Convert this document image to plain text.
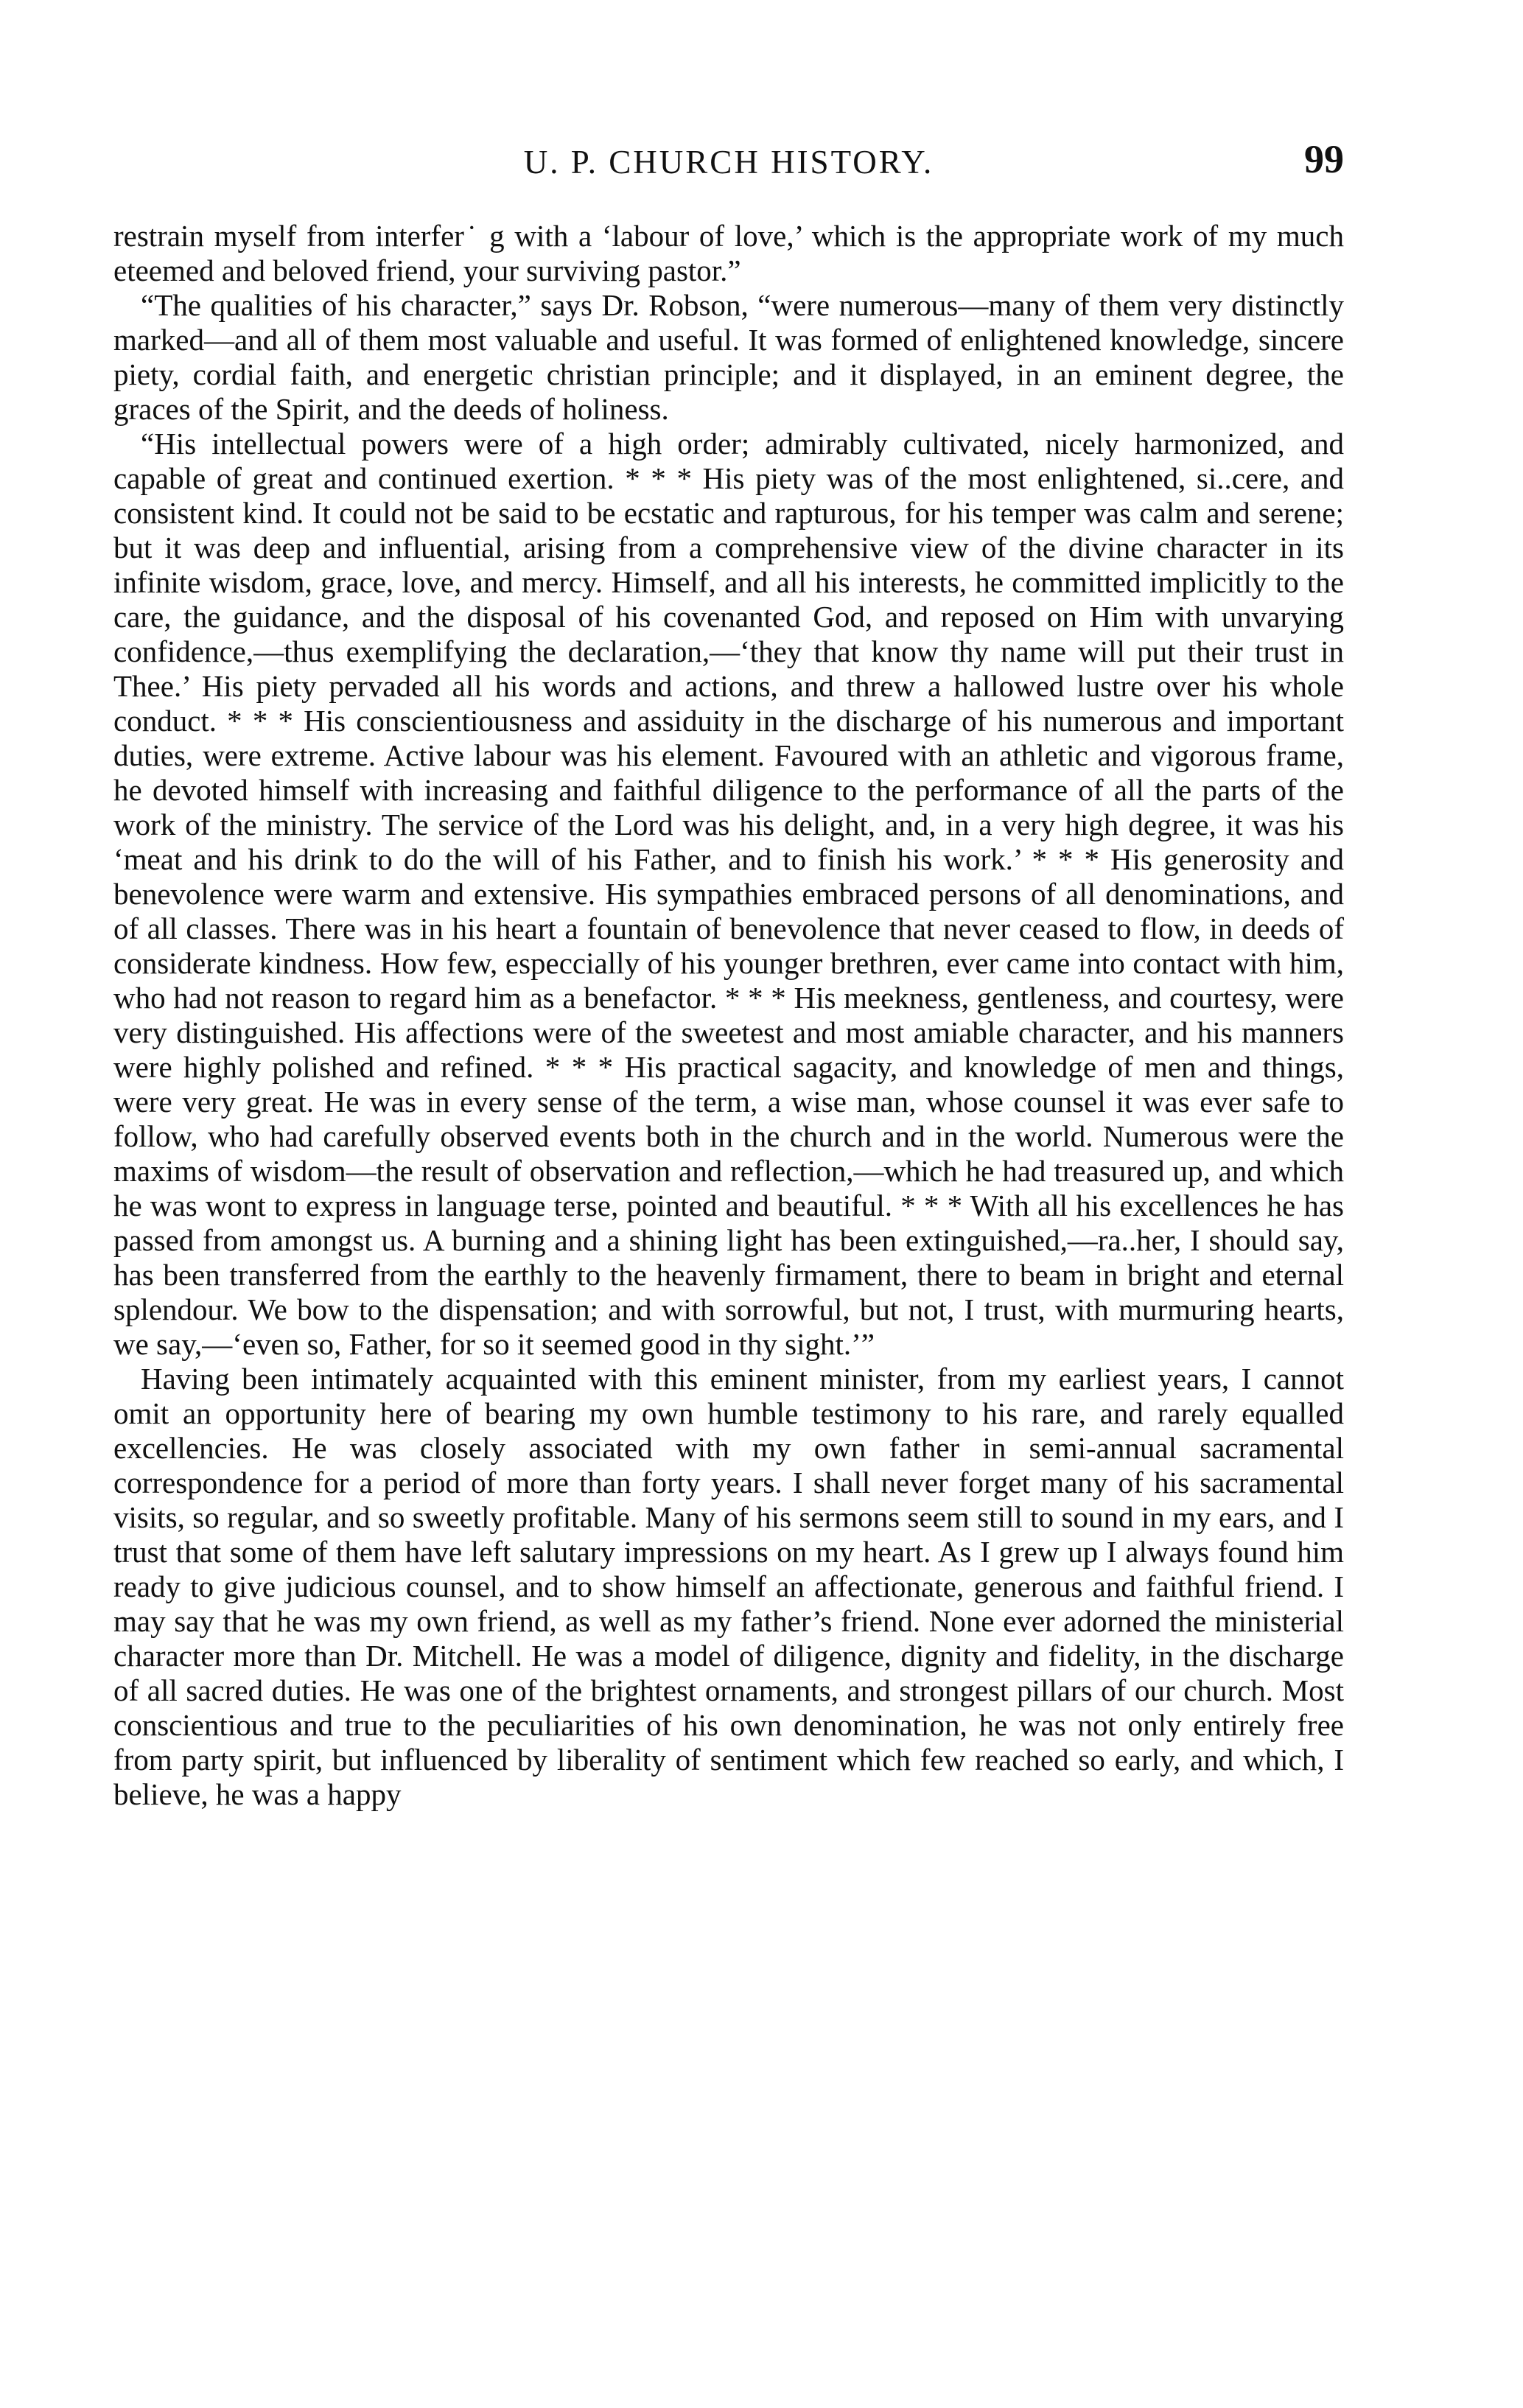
U. P. CHURCH HISTORY.	99

restrain myself from interfer˙ g with a ‘labour of love,’ which is the appropriate work of my much eteemed and beloved friend, your surviving pastor.”

“The qualities of his character,” says Dr. Robson, “were numerous—many of them very distinctly marked—and all of them most valuable and useful. It was formed of enlightened knowledge, sincere piety, cordial faith, and energetic christian principle; and it displayed, in an eminent degree, the graces of the Spirit, and the deeds of holiness.

“His intellectual powers were of a high order; admirably cultivated, nicely harmonized, and capable of great and continued exertion. * * * His piety was of the most enlightened, si..cere, and consistent kind. It could not be said to be ecstatic and rapturous, for his temper was calm and serene; but it was deep and influential, arising from a comprehensive view of the divine character in its infinite wisdom, grace, love, and mercy. Himself, and all his interests, he committed implicitly to the care, the guidance, and the disposal of his covenanted God, and reposed on Him with unvarying confidence,—thus exemplifying the declaration,—‘they that know thy name will put their trust in Thee.’ His piety pervaded all his words and actions, and threw a hallowed lustre over his whole conduct. * * * His conscientiousness and assiduity in the discharge of his numerous and important duties, were extreme. Active labour was his element. Favoured with an athletic and vigorous frame, he devoted himself with increasing and faithful diligence to the performance of all the parts of the work of the ministry. The service of the Lord was his delight, and, in a very high degree, it was his ‘meat and his drink to do the will of his Father, and to finish his work.’ * * * His generosity and benevolence were warm and extensive. His sympathies embraced persons of all denominations, and of all classes. There was in his heart a fountain of benevolence that never ceased to flow, in deeds of considerate kindness. How few, especcially of his younger brethren, ever came into contact with him, who had not reason to regard him as a benefactor. * * * His meekness, gentleness, and courtesy, were very distinguished. His affections were of the sweetest and most amiable character, and his manners were highly polished and refined. * * * His practical sagacity, and knowledge of men and things, were very great. He was in every sense of the term, a wise man, whose counsel it was ever safe to follow, who had carefully observed events both in the church and in the world. Numerous were the maxims of wisdom—the result of observation and reflection,—which he had treasured up, and which he was wont to express in language terse, pointed and beautiful. * * * With all his excellences he has passed from amongst us. A burning and a shining light has been extinguished,—ra..her, I should say, has been transferred from the earthly to the heavenly firmament, there to beam in bright and eternal splendour. We bow to the dispensation; and with sorrowful, but not, I trust, with murmuring hearts, we say,—‘even so, Father, for so it seemed good in thy sight.’”

Having been intimately acquainted with this eminent minister, from my earliest years, I cannot omit an opportunity here of bearing my own humble testimony to his rare, and rarely equalled excellencies. He was closely associated with my own father in semi-annual sacramental correspondence for a period of more than forty years. I shall never forget many of his sacramental visits, so regular, and so sweetly profitable. Many of his sermons seem still to sound in my ears, and I trust that some of them have left salutary impressions on my heart. As I grew up I always found him ready to give judicious counsel, and to show himself an affectionate, generous and faithful friend. I may say that he was my own friend, as well as my father’s friend. None ever adorned the ministerial character more than Dr. Mitchell. He was a model of diligence, dignity and fidelity, in the discharge of all sacred duties. He was one of the brightest ornaments, and strongest pillars of our church. Most conscientious and true to the peculiarities of his own denomination, he was not only entirely free from party spirit, but influenced by liberality of sentiment which few reached so early, and which, I believe, he was a happy
